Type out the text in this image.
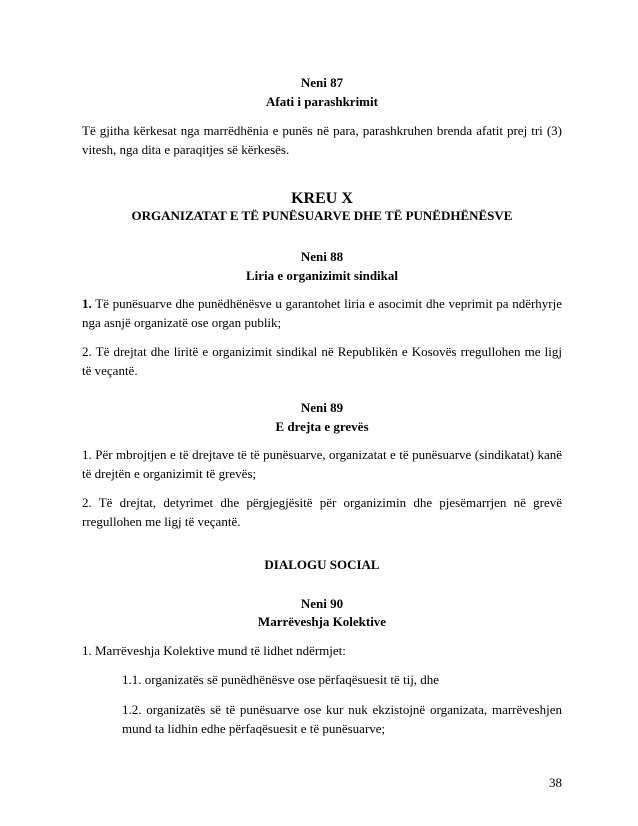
Neni 87

Afati i parashkrimit

Të gjitha kërkesat nga marrëdhënia e punës në para, parashkruhen brenda afatit prej tri (3) vitesh, nga dita e paraqitjes së kërkesës.

KREU X

ORGANIZATAT E TË PUNËSUARVE DHE TË PUNËDHËNËSVE

Neni 88

Liria e organizimit sindikal

1. Të punësuarve dhe punëdhënësve u garantohet liria e asocimit dhe veprimit pa ndërhyrje nga asnjë organizatë ose organ publik;

2. Të drejtat dhe liritë e organizimit sindikal në Republikën e Kosovës rregullohen me ligj të veçantë.

Neni 89

E drejta e grevës

1. Për mbrojtjen e të drejtave të të punësuarve, organizatat e të punësuarve (sindikatat) kanë të drejtën e organizimit të grevës;

2. Të drejtat, detyrimet dhe përgjegjësitë për organizimin dhe pjesëmarrjen në grevë rregullohen me ligj të veçantë.

DIALOGU SOCIAL

Neni 90

Marrëveshja Kolektive

1. Marrëveshja Kolektive mund të lidhet ndërmjet:

1.1. organizatës së punëdhënësve ose përfaqësuesit të tij, dhe

1.2. organizatës së të punësuarve ose kur nuk ekzistojnë organizata, marrëveshjen mund ta lidhin edhe përfaqësuesit e të punësuarve;

38
